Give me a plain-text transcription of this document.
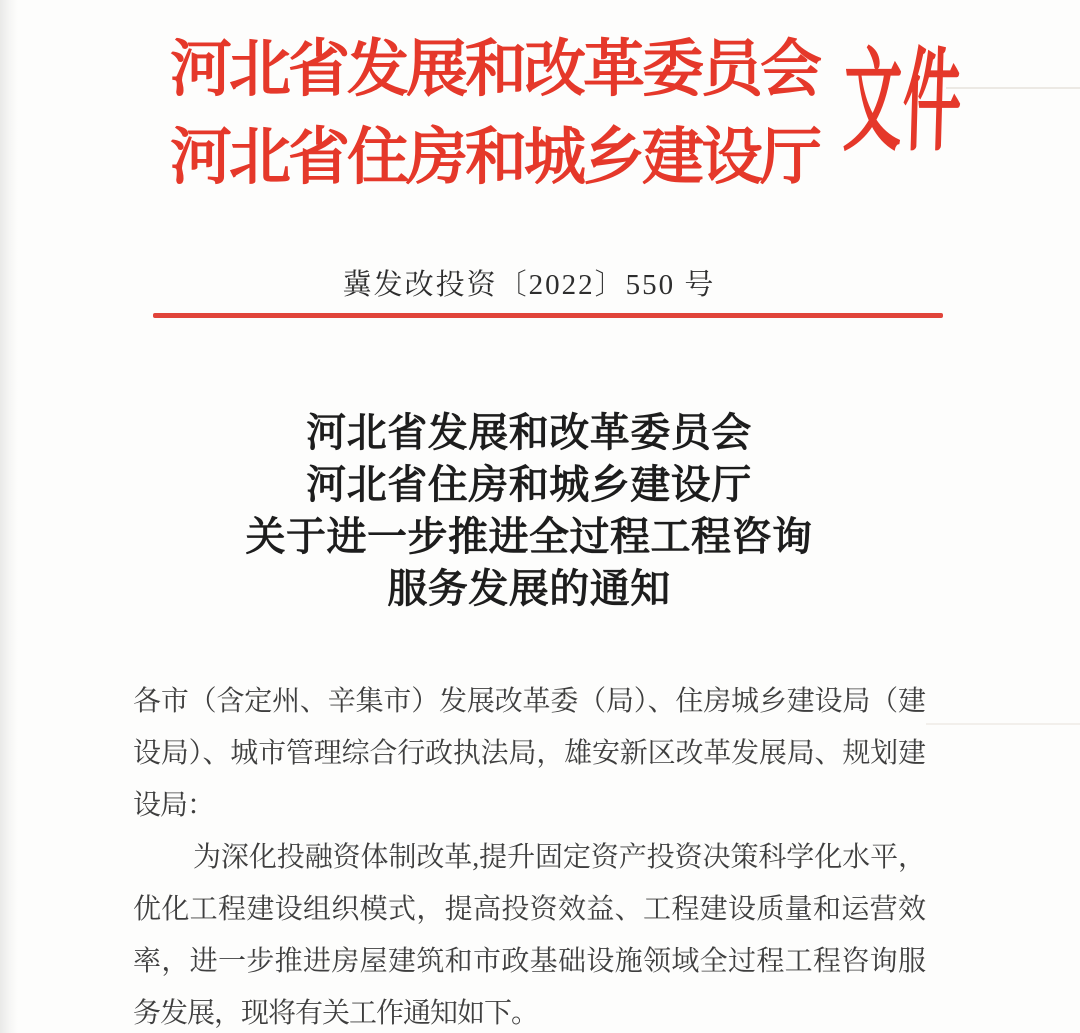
河北省发展和改革委员会
河北省住房和城乡建设厅 文件
冀发改投资〔2022〕550 号
河北省发展和改革委员会
河北省住房和城乡建设厅
关于进一步推进全过程工程咨询
服务发展的通知
各市（含定州、辛集市）发展改革委（局）、住房城乡建设局（建
设局）、城市管理综合行政执法局，雄安新区改革发展局、规划建
设局：
为深化投融资体制改革,提升固定资产投资决策科学化水平，
优化工程建设组织模式，提高投资效益、工程建设质量和运营效
率，进一步推进房屋建筑和市政基础设施领域全过程工程咨询服
务发展，现将有关工作通知如下。
